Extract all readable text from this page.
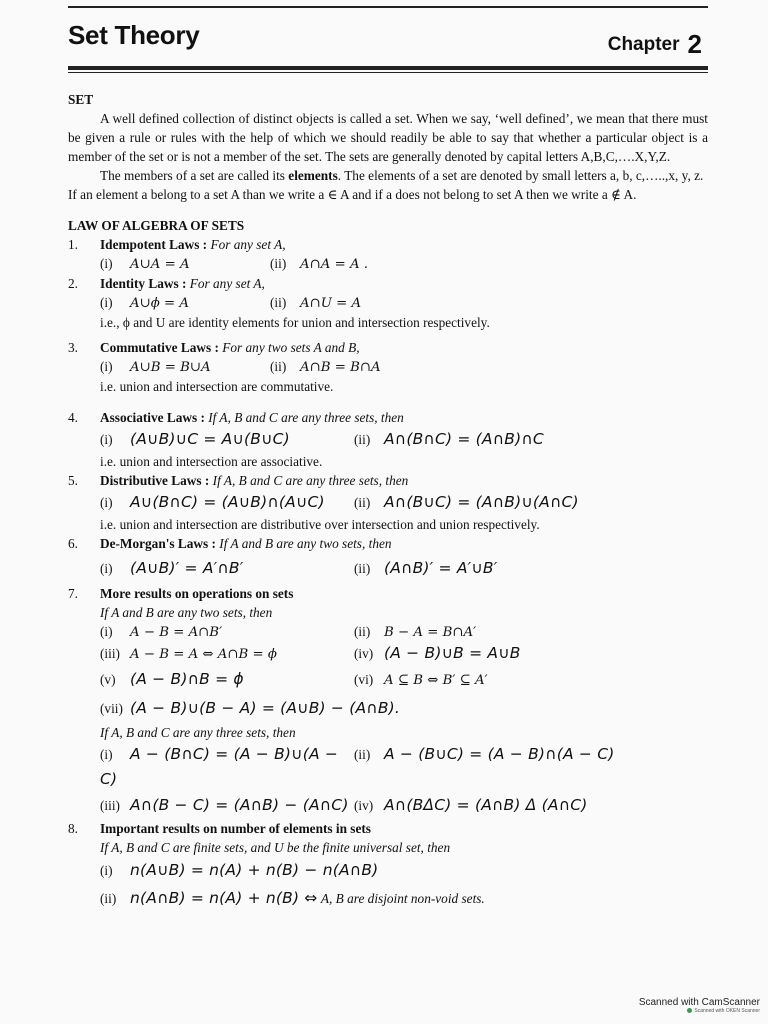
Set Theory	Chapter 2
SET

A well defined collection of distinct objects is called a set. When we say, ‘well defined’, we mean that there must be given a rule or rules with the help of which we should readily be able to say that whether a particular object is a member of the set or is not a member of the set. The sets are generally denoted by capital letters A,B,C,….X,Y,Z.

The members of a set are called its elements. The elements of a set are denoted by small letters a, b, c,…..,x, y, z.

If an element a belong to a set A than we write a ∈ A and if a does not belong to set A then we write a ∉ A.

LAW OF ALGEBRA OF SETS
1. Idempotent Laws : For any set A,
(i) A∪A = A	(ii) A∩A = A .
2. Identity Laws : For any set A,
(i) A∪ϕ = A	(ii) A∩U = A
i.e., ϕ and U are identity elements for union and intersection respectively.
3. Commutative Laws : For any two sets A and B,
(i) A∪B = B∪A	(ii) A∩B = B∩A
i.e. union and intersection are commutative.
4. Associative Laws : If A, B and C are any three sets, then
(i) (A∪B)∪C = A∪(B∪C)	(ii) A∩(B∩C) = (A∩B)∩C
i.e. union and intersection are associative.
5. Distributive Laws : If A, B and C are any three sets, then
(i) A∪(B∩C) = (A∪B)∩(A∪C)	(ii) A∩(B∪C) = (A∩B)∪(A∩C)
i.e. union and intersection are distributive over intersection and union respectively.
6. De-Morgan's Laws : If A and B are any two sets, then
(i) (A∪B)′ = A′∩B′	(ii) (A∩B)′ = A′∪B′
7. More results on operations on sets
If A and B are any two sets, then
(i) A − B = A∩B′	(ii) B − A = B∩A′
(iii) A − B = A ⇔ A∩B = ϕ	(iv) (A − B)∪B = A∪B
(v) (A − B)∩B = ϕ	(vi) A ⊆ B ⇔ B′ ⊆ A′
(vii) (A − B)∪(B − A) = (A∪B) − (A∩B).
If A, B and C are any three sets, then
(i) A − (B∩C) = (A − B)∪(A − C)
(ii) A − (B∪C) = (A − B)∩(A − C)
(iii) A∩(B − C) = (A∩B) − (A∩C) (iv) A∩(BΔC) = (A∩B) Δ (A∩C)
8. Important results on number of elements in sets
If A, B and C are finite sets, and U be the finite universal set, then
(i) n(A∪B) = n(A) + n(B) − n(A∩B)
(ii) n(A∩B) = n(A) + n(B) ⇔ A, B are disjoint non-void sets.
Scanned with CamScanner
Scanned with OKEN Scanner
